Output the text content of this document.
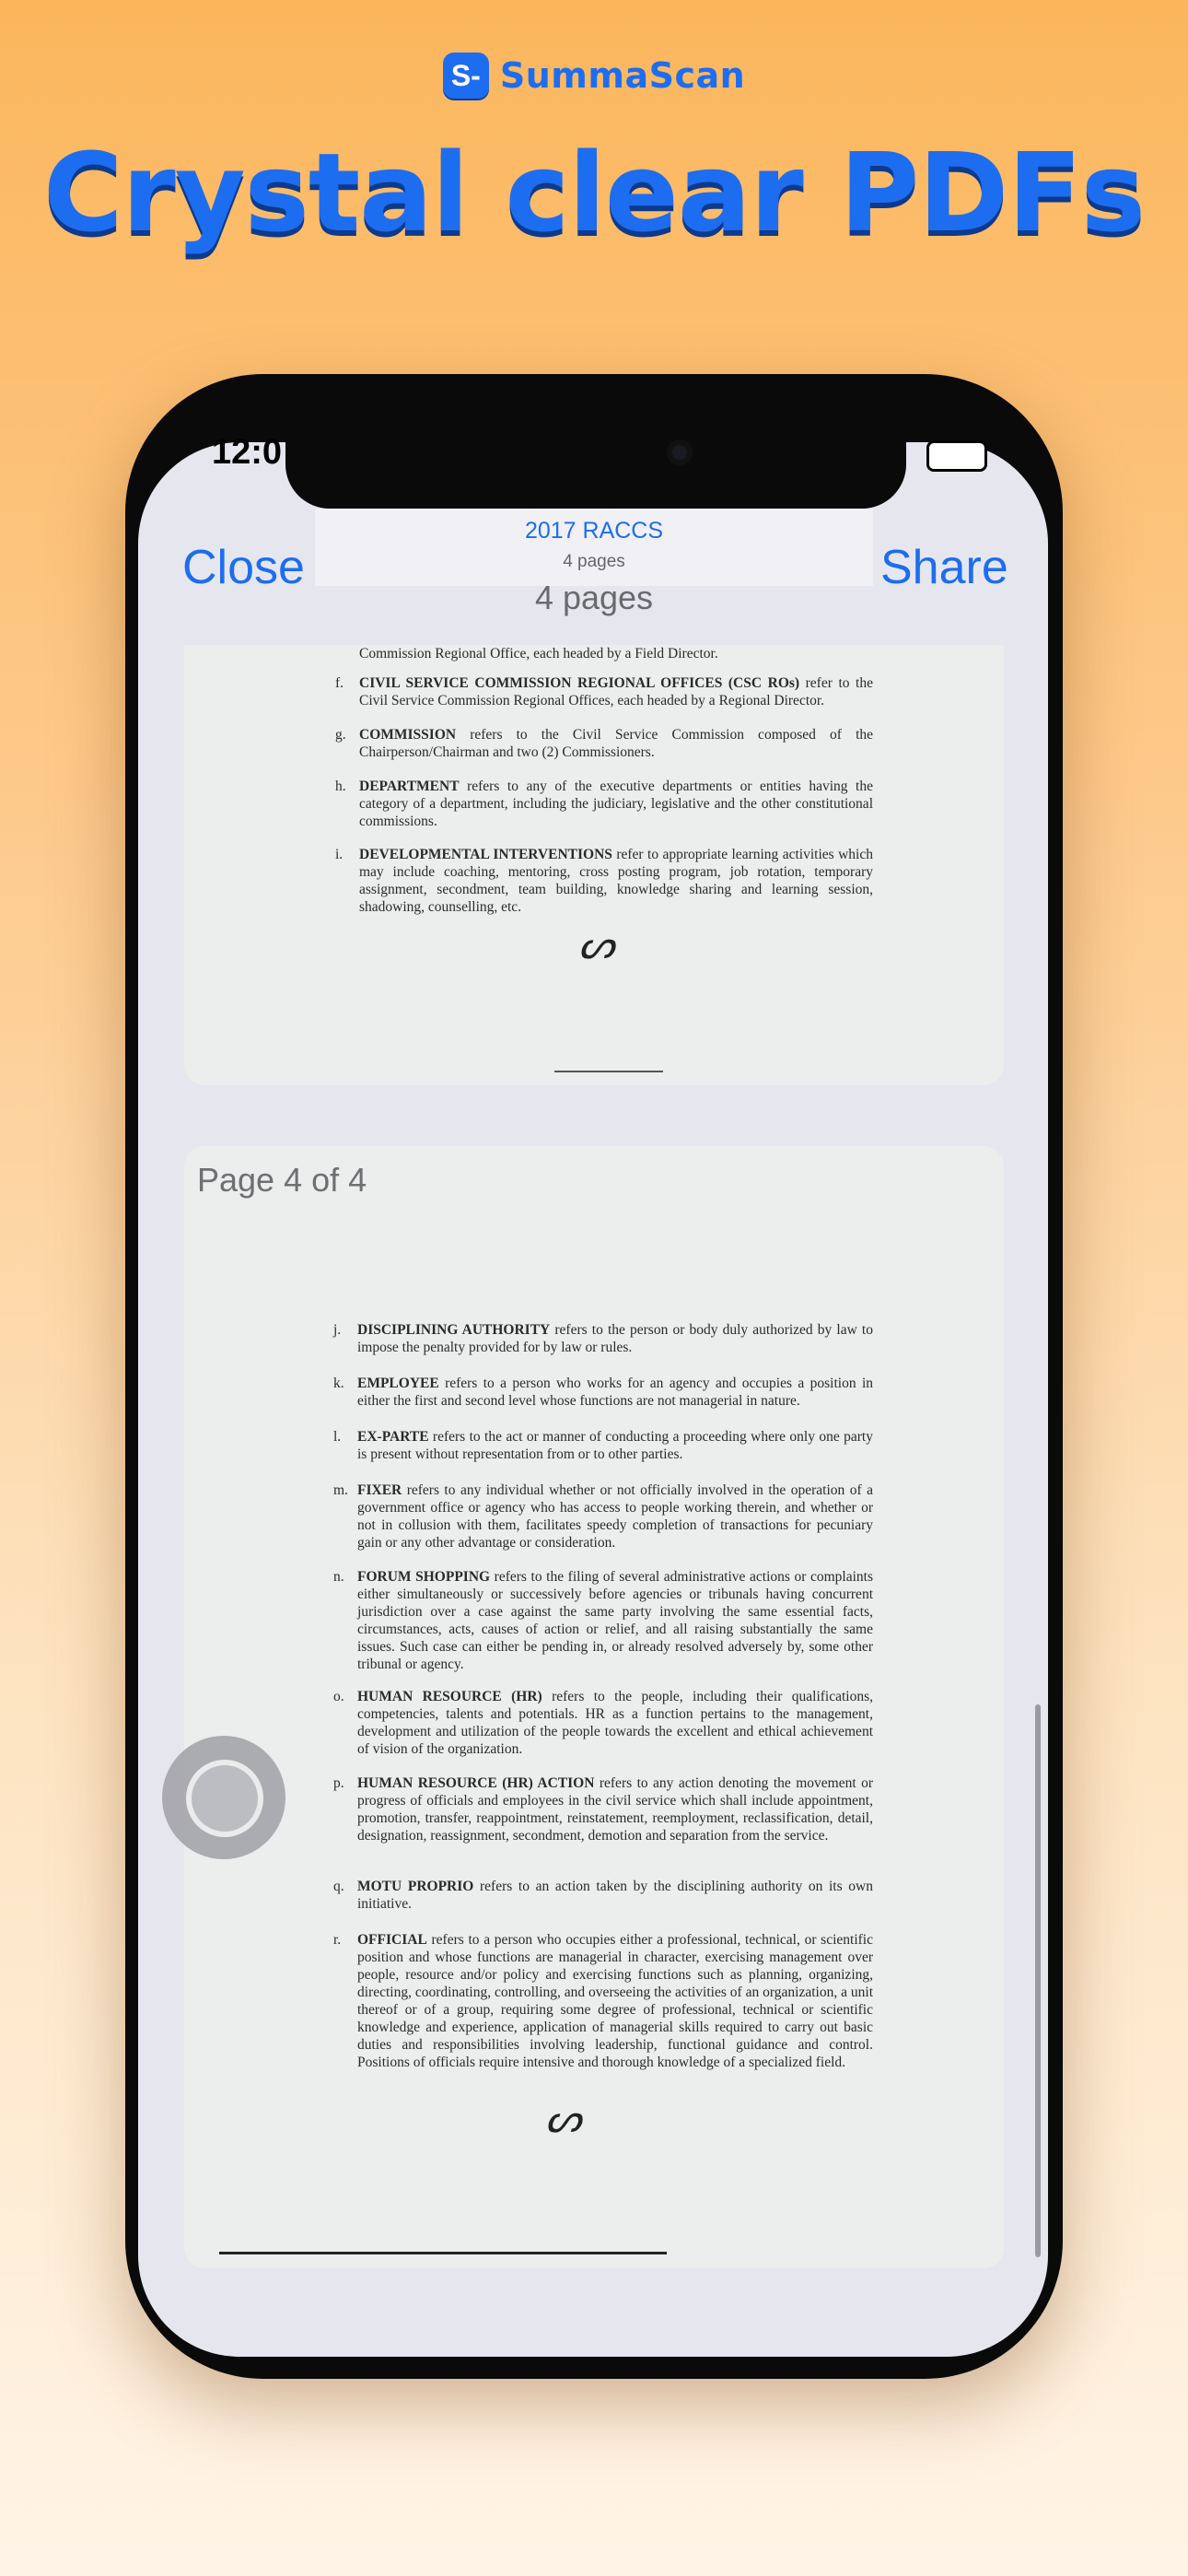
S- SummaScan
Crystal clear PDFs
12:0
Close
2017 RACCS
4 pages	Share
4 pages
Commission Regional Office, each headed by a Field Director.
f.	CIVIL SERVICE COMMISSION REGIONAL OFFICES (CSC ROs) refer to the Civil Service Commission Regional Offices, each headed by a Regional Director.
g. COMMISSION refers to the Civil Service Commission composed of the Chairperson/Chairman and two (2) Commissioners.
h. DEPARTMENT refers to any of the executive departments or entities having the category of a department, including the judiciary, legislative and the other constitutional commissions.
i.	DEVELOPMENTAL INTERVENTIONS refer to appropriate learning activities which may include coaching, mentoring, cross posting program, job rotation, temporary assignment, secondment, team building, knowledge sharing and learning session, shadowing, counselling, etc.
ᔕ
Page 4 of 4
j.	DISCIPLINING AUTHORITY refers to the person or body duly authorized by law to impose the penalty provided for by law or rules.
k. EMPLOYEE refers to a person who works for an agency and occupies a position in either the first and second level whose functions are not managerial in nature.
l.	EX-PARTE refers to the act or manner of conducting a proceeding where only one party is present without representation from or to other parties.
m. FIXER refers to any individual whether or not officially involved in the operation of a government office or agency who has access to people working therein, and whether or not in collusion with them, facilitates speedy completion of transactions for pecuniary gain or any other advantage or consideration.
n. FORUM SHOPPING refers to the filing of several administrative actions or complaints either simultaneously or successively before agencies or tribunals having concurrent jurisdiction over a case against the same party involving the same essential facts, circumstances, acts, causes of action or relief, and all raising substantially the same issues. Such case can either be pending in, or already resolved adversely by, some other tribunal or agency.
o. HUMAN RESOURCE (HR) refers to the people, including their qualifications, competencies, talents and potentials. HR as a function pertains to the management, development and utilization of the people towards the excellent and ethical achievement of vision of the organization.
p. HUMAN RESOURCE (HR) ACTION refers to any action denoting the movement or progress of officials and employees in the civil service which shall include appointment, promotion, transfer, reappointment, reinstatement, reemployment, reclassification, detail, designation, reassignment, secondment, demotion and separation from the service.
q. MOTU PROPRIO refers to an action taken by the disciplining authority on its own initiative.
r.	OFFICIAL refers to a person who occupies either a professional, technical, or scientific position and whose functions are managerial in character, exercising management over people, resource and/or policy and exercising functions such as planning, organizing, directing, coordinating, controlling, and overseeing the activities of an organization, a unit thereof or of a group, requiring some degree of professional, technical or scientific knowledge and experience, application of managerial skills required to carry out basic duties and responsibilities involving leadership, functional guidance and control. Positions of officials require intensive and thorough knowledge of a specialized field.
ᔕ
